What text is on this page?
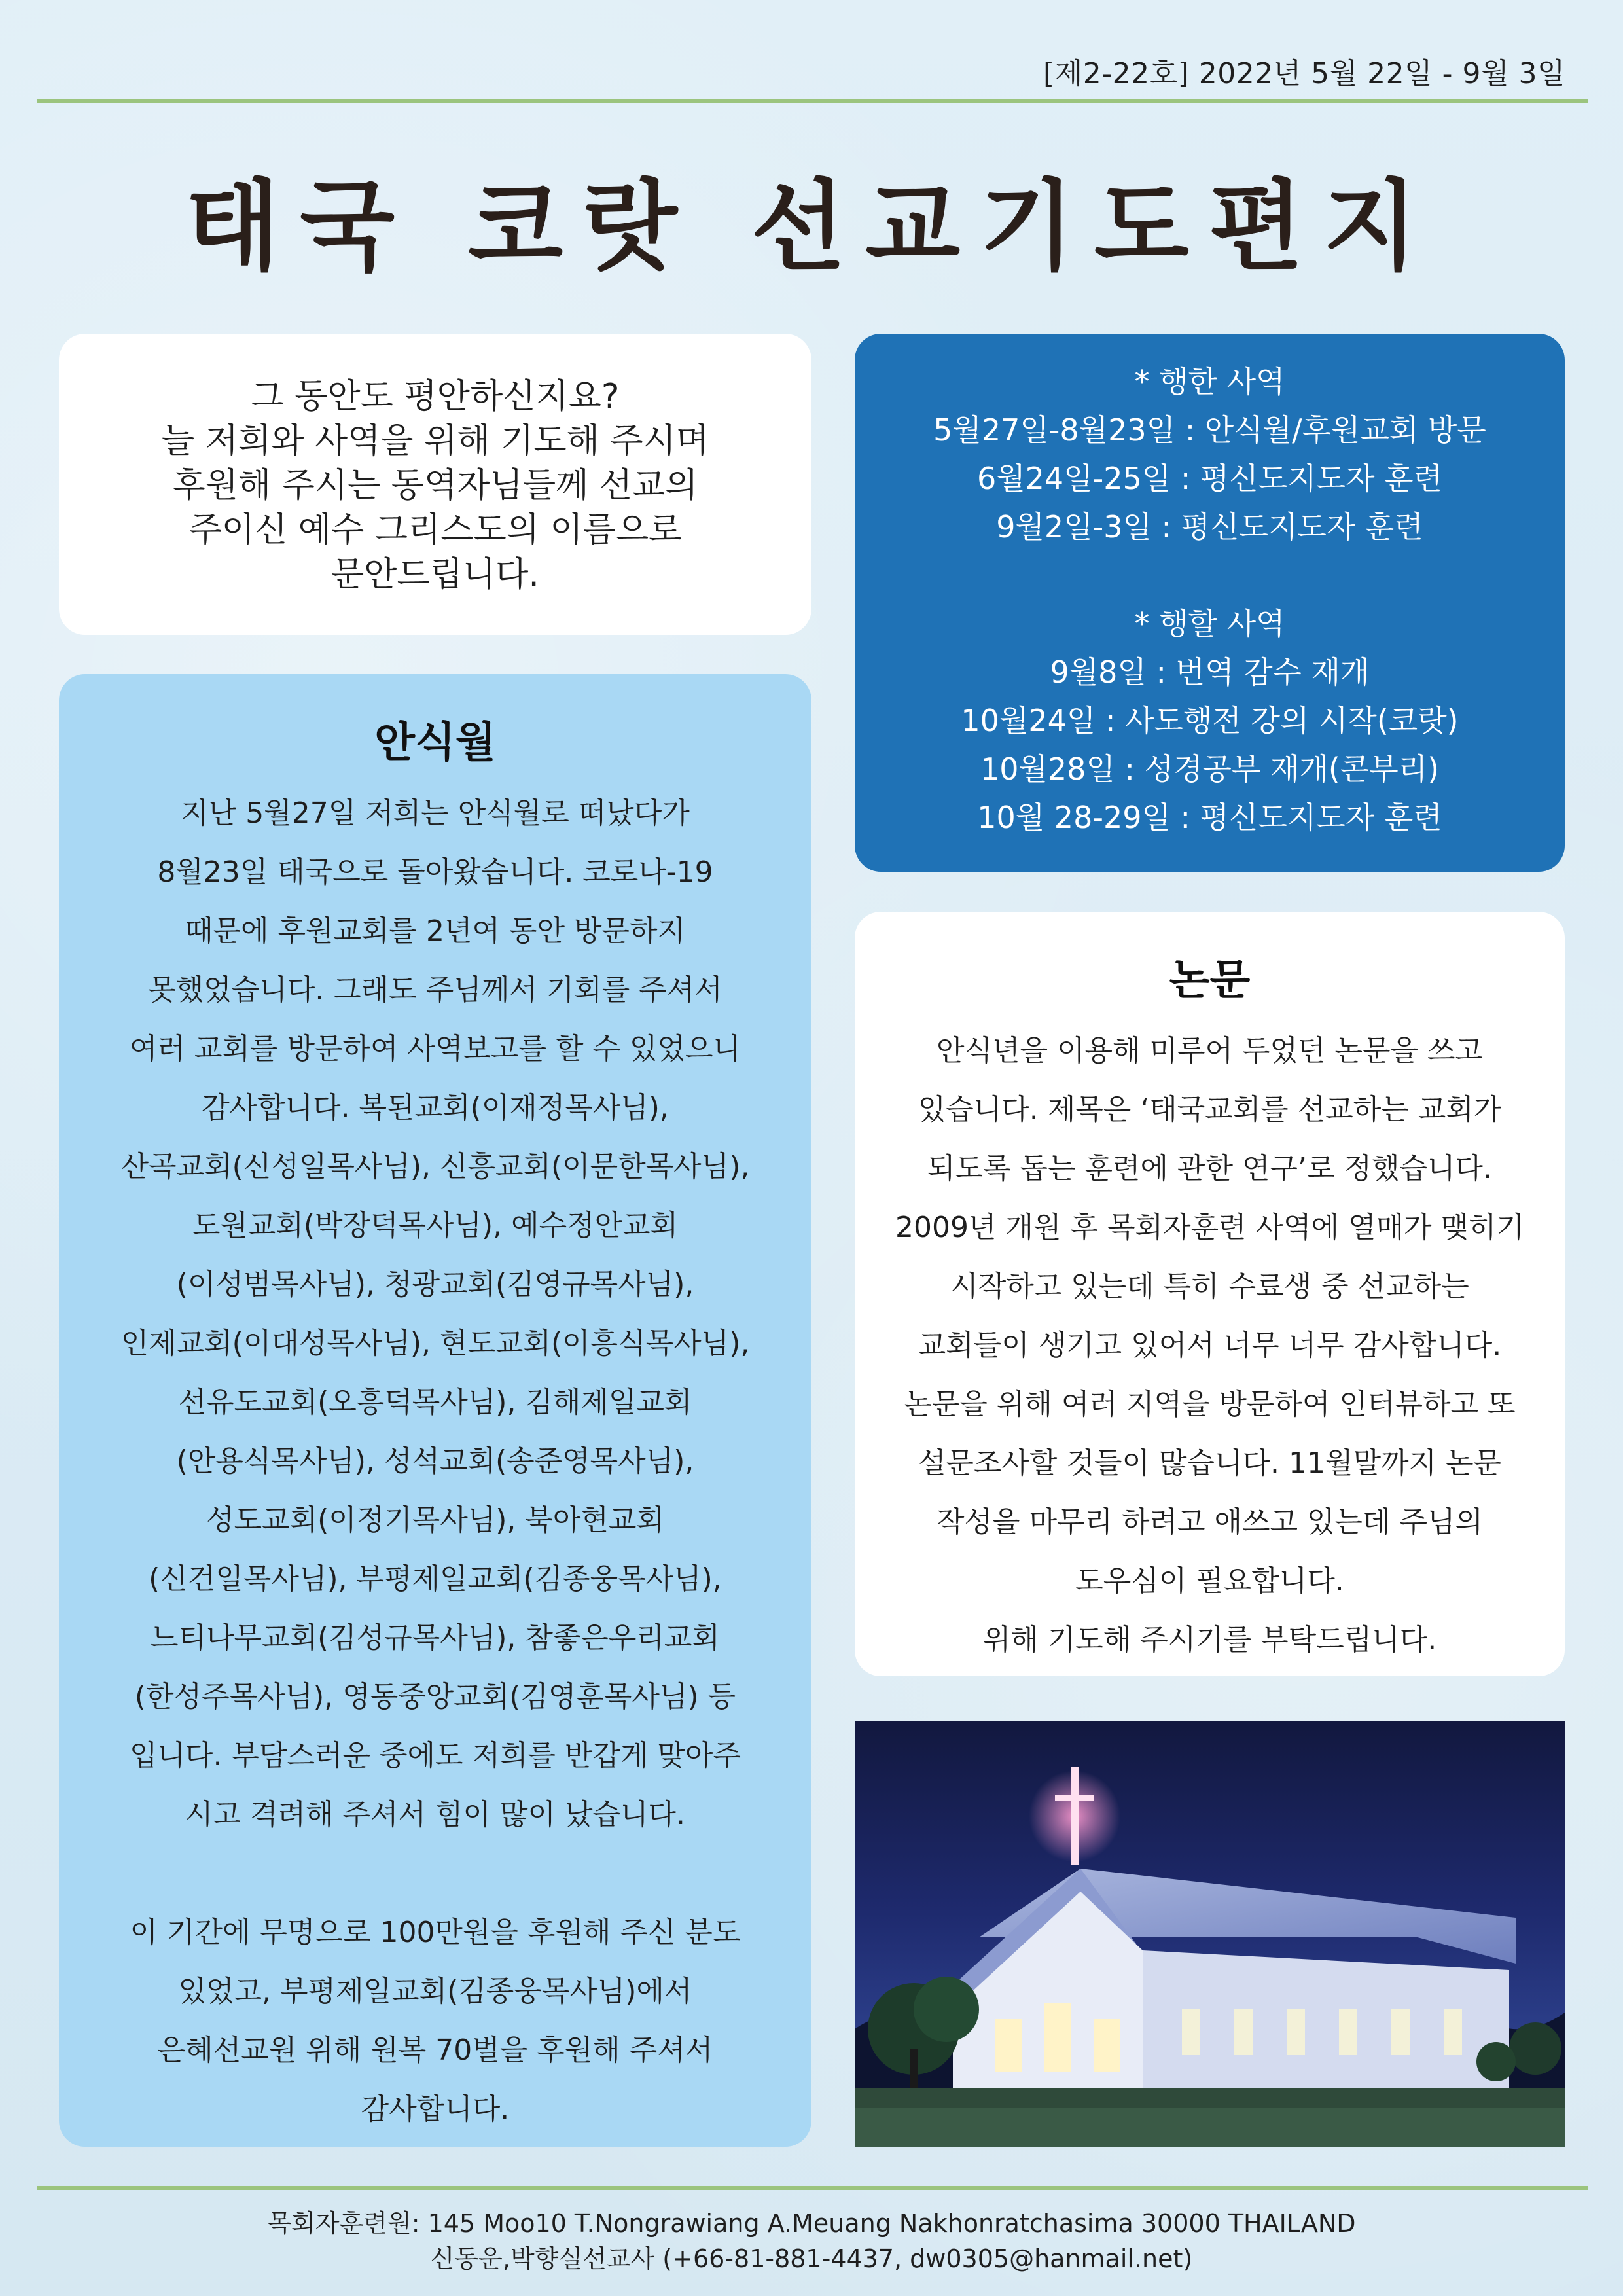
[제2-22호] 2022년 5월 22일 - 9월 3일
태국 코랏 선교기도편지
그 동안도 평안하신지요?
늘 저희와 사역을 위해 기도해 주시며
후원해 주시는 동역자님들께 선교의
주이신 예수 그리스도의 이름으로
문안드립니다.
* 행한 사역
5월27일-8월23일 : 안식월/후원교회 방문
6월24일-25일 : 평신도지도자 훈련
9월2일-3일 : 평신도지도자 훈련
* 행할 사역
9월8일 : 번역 감수 재개
10월24일 : 사도행전 강의 시작(코랏)
10월28일 : 성경공부 재개(콘부리)
10월 28-29일 : 평신도지도자 훈련
안식월
지난 5월27일 저희는 안식월로 떠났다가
8월23일 태국으로 돌아왔습니다. 코로나-19
때문에 후원교회를 2년여 동안 방문하지
못했었습니다. 그래도 주님께서 기회를 주셔서
여러 교회를 방문하여 사역보고를 할 수 있었으니
감사합니다. 복된교회(이재정목사님),
산곡교회(신성일목사님), 신흥교회(이문한목사님),
도원교회(박장덕목사님), 예수정안교회
(이성범목사님), 청광교회(김영규목사님),
인제교회(이대성목사님), 현도교회(이흥식목사님),
선유도교회(오흥덕목사님), 김해제일교회
(안용식목사님), 성석교회(송준영목사님),
성도교회(이정기목사님), 북아현교회
(신건일목사님), 부평제일교회(김종웅목사님),
느티나무교회(김성규목사님), 참좋은우리교회
(한성주목사님), 영동중앙교회(김영훈목사님) 등
입니다. 부담스러운 중에도 저희를 반갑게 맞아주
시고 격려해 주셔서 힘이 많이 났습니다.
이 기간에 무명으로 100만원을 후원해 주신 분도
있었고, 부평제일교회(김종웅목사님)에서
은혜선교원 위해 원복 70벌을 후원해 주셔서
감사합니다.
논문
안식년을 이용해 미루어 두었던 논문을 쓰고
있습니다. 제목은 ‘태국교회를 선교하는 교회가
되도록 돕는 훈련에 관한 연구’로 정했습니다.
2009년 개원 후 목회자훈련 사역에 열매가 맺히기
시작하고 있는데 특히 수료생 중 선교하는
교회들이 생기고 있어서 너무 너무 감사합니다.
논문을 위해 여러 지역을 방문하여 인터뷰하고 또
설문조사할 것들이 많습니다. 11월말까지 논문
작성을 마무리 하려고 애쓰고 있는데 주님의
도우심이 필요합니다.
위해 기도해 주시기를 부탁드립니다.
목회자훈련원: 145 Moo10 T.Nongrawiang A.Meuang Nakhonratchasima 30000 THAILAND
신동운,박향실선교사 (+66-81-881-4437, dw0305@hanmail.net)
